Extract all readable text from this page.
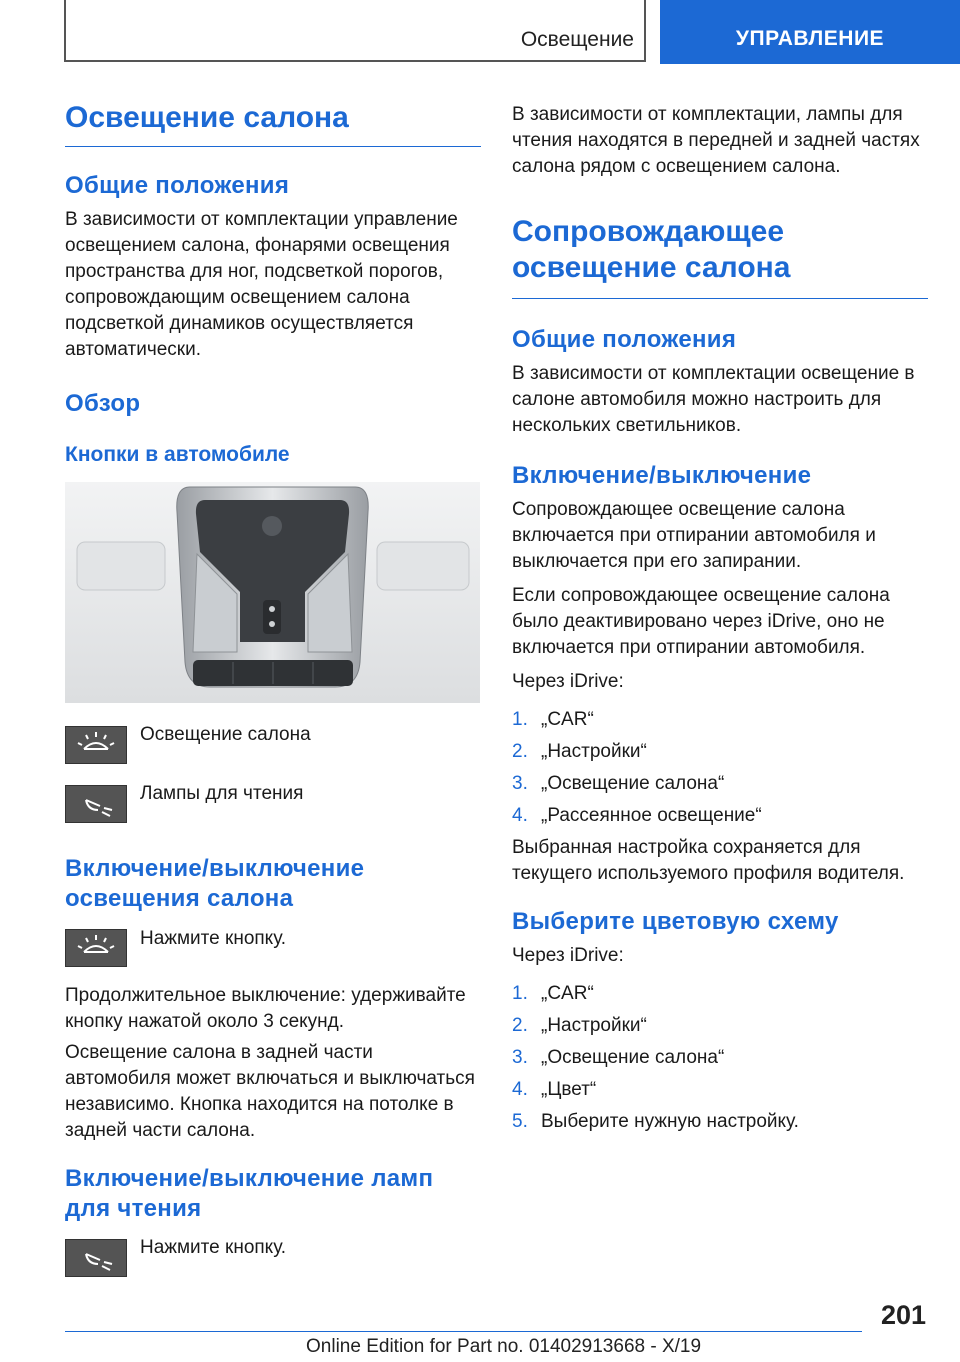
Освещение	УПРАВЛЕНИЕ
Освещение салона
Общие положения

В зависимости от комплектации управление освещением салона, фонарями освещения пространства для ног, подсветкой порогов, сопровождающим освещением салона подсветкой динамиков осуществляется автоматически.

Обзор
Кнопки в автомобиле

Освещение салона

Лампы для чтения

Включение/выключение освещения салона

Нажмите кнопку.

Продолжительное выключение: удерживайте кнопку нажатой около 3 секунд.

Освещение салона в задней части автомобиля может включаться и выключаться независимо. Кнопка находится на потолке в задней части салона.

Включение/выключение ламп для чтения

Нажмите кнопку.

В зависимости от комплектации, лампы для чтения находятся в передней и задней частях салона рядом с освещением салона.

Сопровождающее освещение салона
Общие положения

В зависимости от комплектации освещение в салоне автомобиля можно настроить для нескольких светильников.

Включение/выключение

Сопровождающее освещение салона включается при отпирании автомобиля и выключается при его запирании.

Если сопровождающее освещение салона было деактивировано через iDrive, оно не включается при отпирании автомобиля.

Через iDrive:

1. „CAR“
2. „Настройки“
3. „Освещение салона“
4. „Рассеянное освещение“

Выбранная настройка сохраняется для текущего используемого профиля водителя.

Выберите цветовую схему

Через iDrive:

1. „CAR“
2. „Настройки“
3. „Освещение салона“
4. „Цвет“
5. Выберите нужную настройку.
201
Online Edition for Part no. 01402913668 - X/19
